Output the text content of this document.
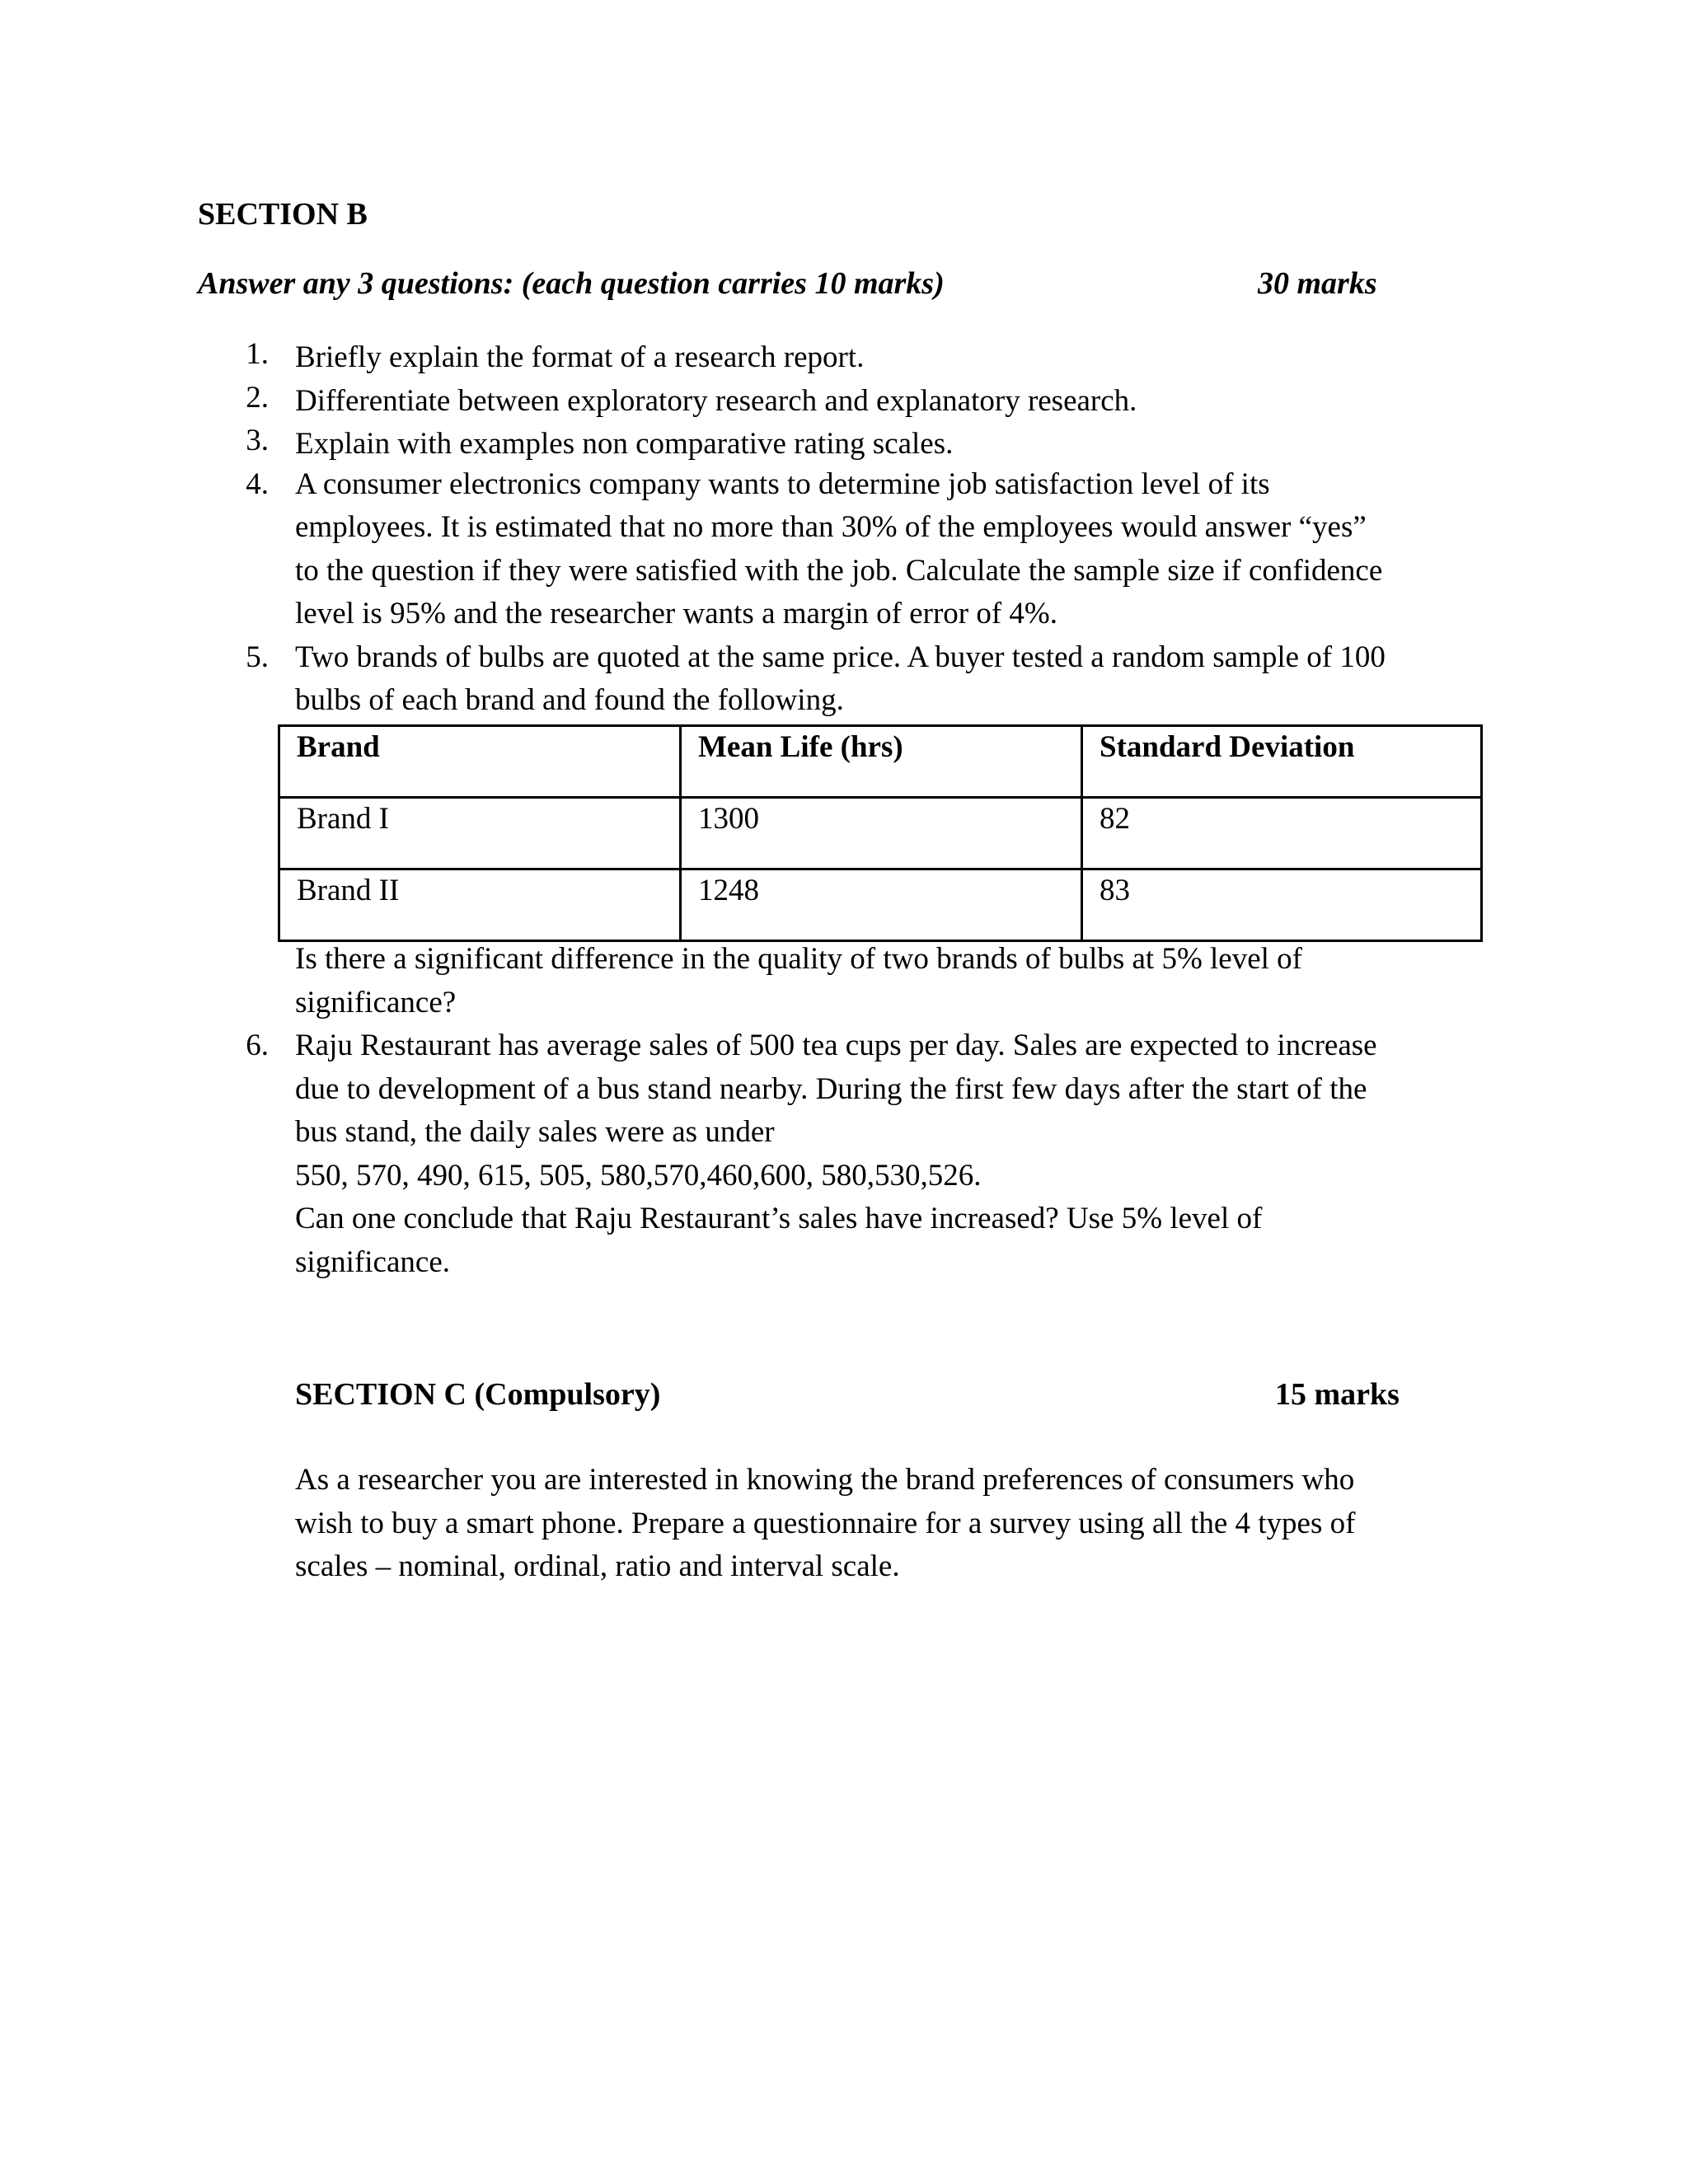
SECTION B
Answer any 3 questions: (each question carries 10 marks)	30 marks
1. Briefly explain the format of a research report.
2. Differentiate between exploratory research and explanatory research.
3. Explain with examples non comparative rating scales.
4. A consumer electronics company wants to determine job satisfaction level of its
employees. It is estimated that no more than 30% of the employees would answer “yes”
to the question if they were satisfied with the job. Calculate the sample size if confidence
level is 95% and the researcher wants a margin of error of 4%.
5. Two brands of bulbs are quoted at the same price. A buyer tested a random sample of 100
bulbs of each brand and found the following.
Brand	Mean Life (hrs)	Standard Deviation
Brand I	1300	82
Brand II	1248	83
Is there a significant difference in the quality of two brands of bulbs at 5% level of
significance?
6. Raju Restaurant has average sales of 500 tea cups per day. Sales are expected to increase
due to development of a bus stand nearby. During the first few days after the start of the
bus stand, the daily sales were as under
550, 570, 490, 615, 505, 580,570,460,600, 580,530,526.
Can one conclude that Raju Restaurant’s sales have increased? Use 5% level of
significance.
SECTION C (Compulsory)	15 marks
As a researcher you are interested in knowing the brand preferences of consumers who
wish to buy a smart phone. Prepare a questionnaire for a survey using all the 4 types of
scales – nominal, ordinal, ratio and interval scale.
